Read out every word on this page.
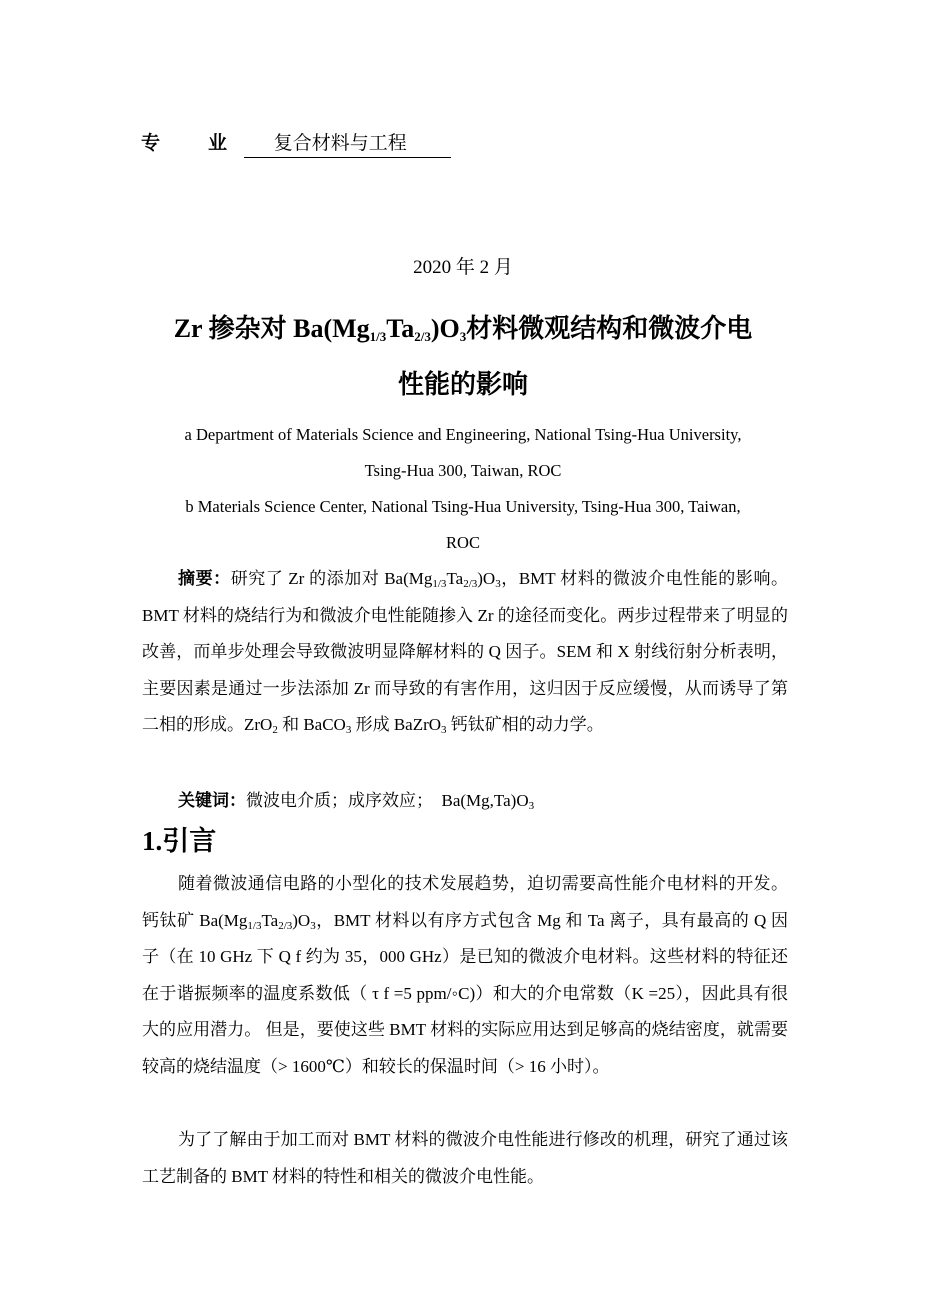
专	业 复合材料与工程
2020 年 2 月
Zr 掺杂对 $Ba(Mg_{1/3}Ta_{2/3})O_3$材料微观结构和微波介电
性能的影响
a Department of Materials Science and Engineering, National Tsing-Hua University,
Tsing-Hua 300, Taiwan, ROC
b Materials Science Center, National Tsing-Hua University, Tsing-Hua 300, Taiwan,
ROC
摘要：研究了 Zr 的添加对 $Ba(Mg_{1/3}Ta_{2/3})O_3$，BMT 材料的微波介电性能的影响。BMT 材料的烧结行为和微波介电性能随掺入 Zr 的途径而变化。两步过程带来了明显的改善，而单步处理会导致微波明显降解材料的 Q 因子。SEM 和 X 射线衍射分析表明，主要因素是通过一步法添加 Zr 而导致的有害作用，这归因于反应缓慢，从而诱导了第二相的形成。ZrO$_2$ 和 BaCO$_3$ 形成 BaZrO$_3$ 钙钛矿相的动力学。
关键词：微波电介质；成序效应；　$Ba(Mg,Ta)O_3$
1.引言
随着微波通信电路的小型化的技术发展趋势，迫切需要高性能介电材料的开发。钙钛矿 $Ba(Mg_{1/3}Ta_{2/3})O_3$，BMT 材料以有序方式包含 Mg 和 Ta 离子，具有最高的 Q 因子（在 10 GHz 下 Q f 约为 35，000 GHz）是已知的微波介电材料。这些材料的特征还在于谐振频率的温度系数低（ τ f =5 ppm/◦C)）和大的介电常数（K =25），因此具有很大的应用潜力。 但是，要使这些 BMT 材料的实际应用达到足够高的烧结密度，就需要较高的烧结温度（> 1600℃）和较长的保温时间（> 16 小时）。
为了了解由于加工而对 BMT 材料的微波介电性能进行修改的机理，研究了通过该工艺制备的 BMT 材料的特性和相关的微波介电性能。
